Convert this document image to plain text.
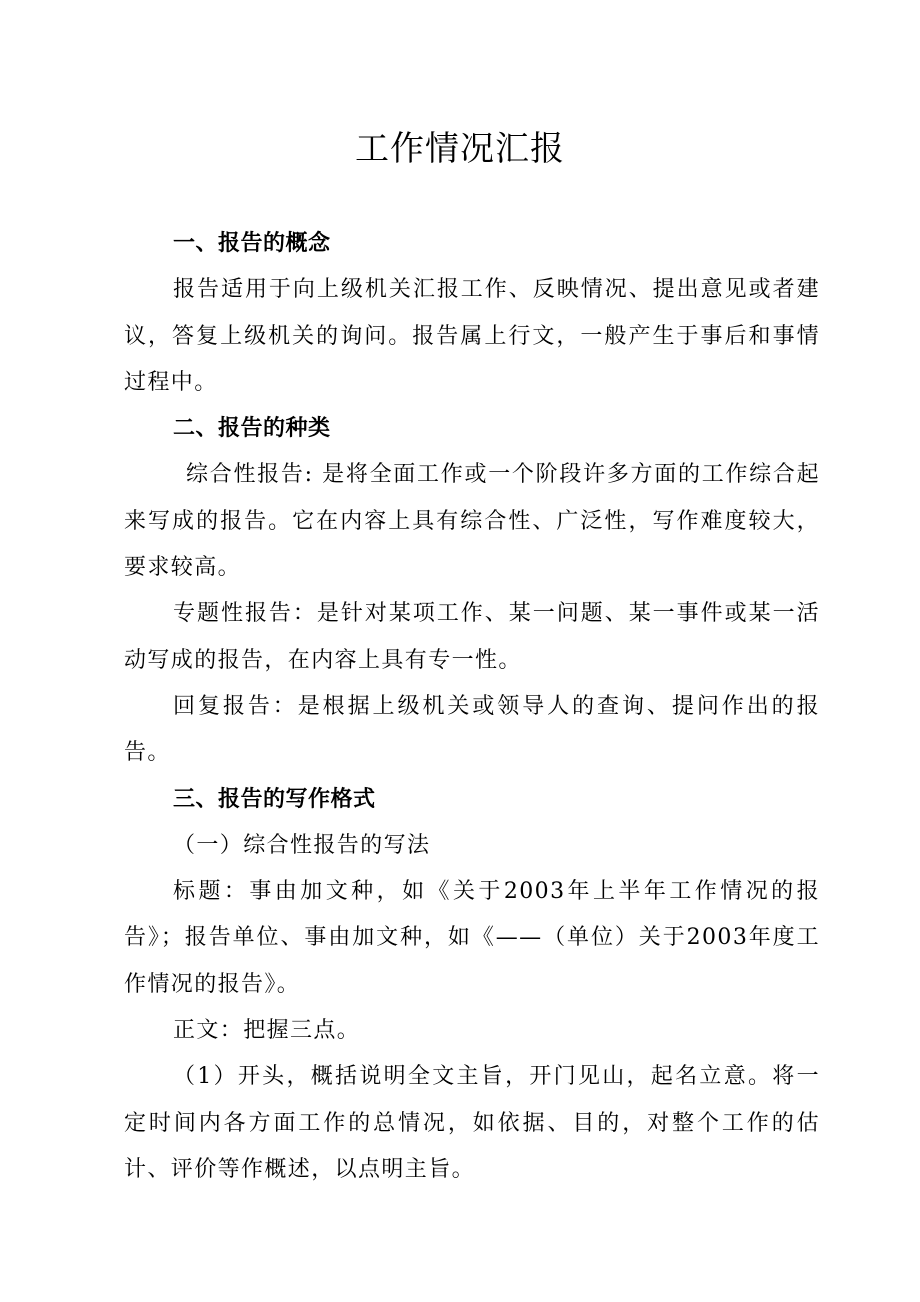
工作情况汇报

一、报告的概念

报告适用于向上级机关汇报工作、反映情况、提出意见或者建议，答复上级机关的询问。报告属上行文，一般产生于事后和事情过程中。

二、报告的种类

综合性报告: 是将全面工作或一个阶段许多方面的工作综合起来写成的报告。它在内容上具有综合性、广泛性，写作难度较大，要求较高。

专题性报告：是针对某项工作、某一问题、某一事件或某一活动写成的报告，在内容上具有专一性。

回复报告：是根据上级机关或领导人的查询、提问作出的报告。

三、报告的写作格式

（一）综合性报告的写法

标题：事由加文种，如《关于2003年上半年工作情况的报告》；报告单位、事由加文种，如《——（单位）关于2003年度工作情况的报告》。

正文：把握三点。

（1）开头，概括说明全文主旨，开门见山，起名立意。将一定时间内各方面工作的总情况，如依据、目的，对整个工作的估计、评价等作概述，以点明主旨。
